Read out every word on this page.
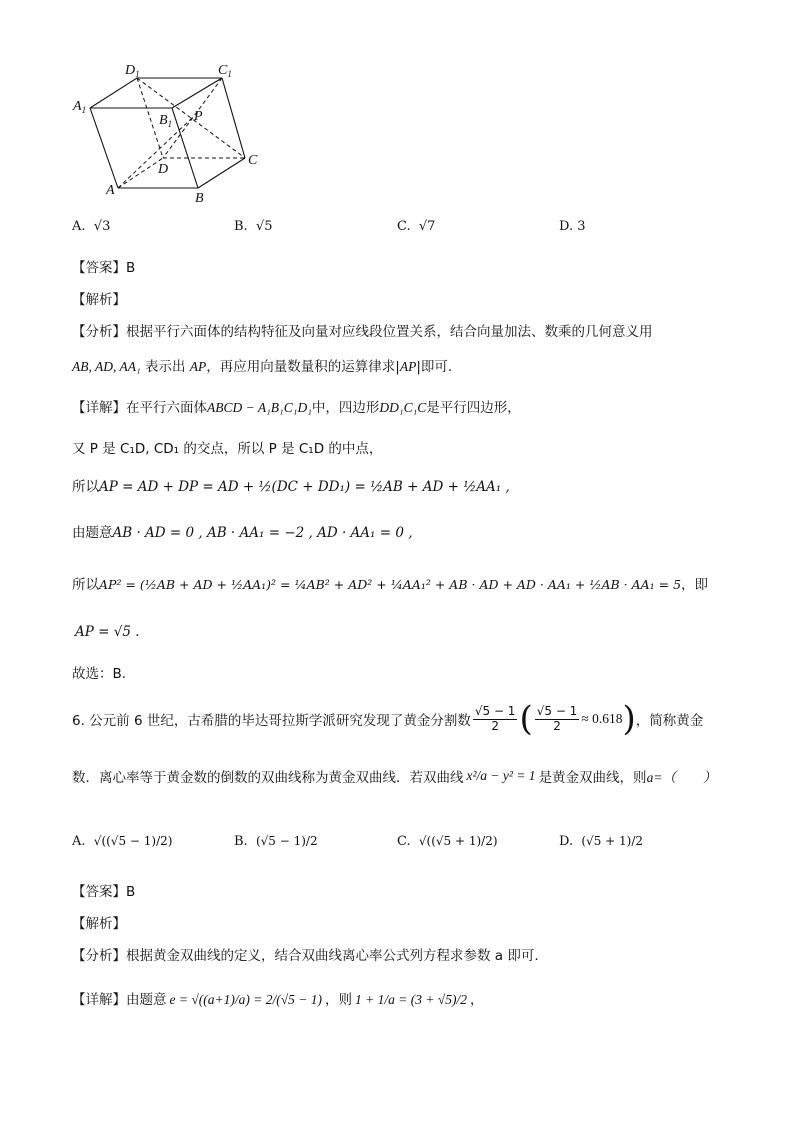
$D_1$	$C_1$
$A_1$
$B_1$ P
D
C
A
B
A. √3	B. √5	C. √7	D. 3
【答案】B
【解析】
【分析】根据平行六面体的结构特征及向量对应线段位置关系，结合向量加法、数乘的几何意义用
AB, AD, AA₁ 表示出 AP，再应用向量数量积的运算律求|AP|即可.
【详解】在平行六面体ABCD − A₁B₁C₁D₁中，四边形DD₁C₁C是平行四边形，
又 P 是 C₁D, CD₁ 的交点，所以 P 是 C₁D 的中点，
所以AP = AD + DP = AD + ½(DC + DD₁) = ½AB + AD + ½AA₁ ,
由题意AB · AD = 0 , AB · AA₁ = −2 , AD · AA₁ = 0 ,
所以AP² = (½AB + AD + ½AA₁)² = ¼AB² + AD² + ¼AA₁² + AB · AD + AD · AA₁ + ½AB · AA₁ = 5，即
AP = √5 .
故选：B.
6. 公元前 6 世纪，古希腊的毕达哥拉斯学派研究发现了黄金分割数 $\frac{√5 - 1}{2}$ ( $\frac{√5 - 1}{2} \approx 0.618$ ) ，简称黄金
数．离心率等于黄金数的倒数的双曲线称为黄金双曲线．若双曲线 x²/a − y² = 1 是黄金双曲线，则 a=（　　）
A. √((√5 − 1)/2)	B. (√5 − 1)/2	C. √((√5 + 1)/2)	D. (√5 + 1)/2
【答案】B
【解析】
【分析】根据黄金双曲线的定义，结合双曲线离心率公式列方程求参数 a 即可.
【详解】由题意 e = √((a+1)/a) = 2/(√5 − 1) ，则 1 + 1/a = (3 + √5)/2 ，
